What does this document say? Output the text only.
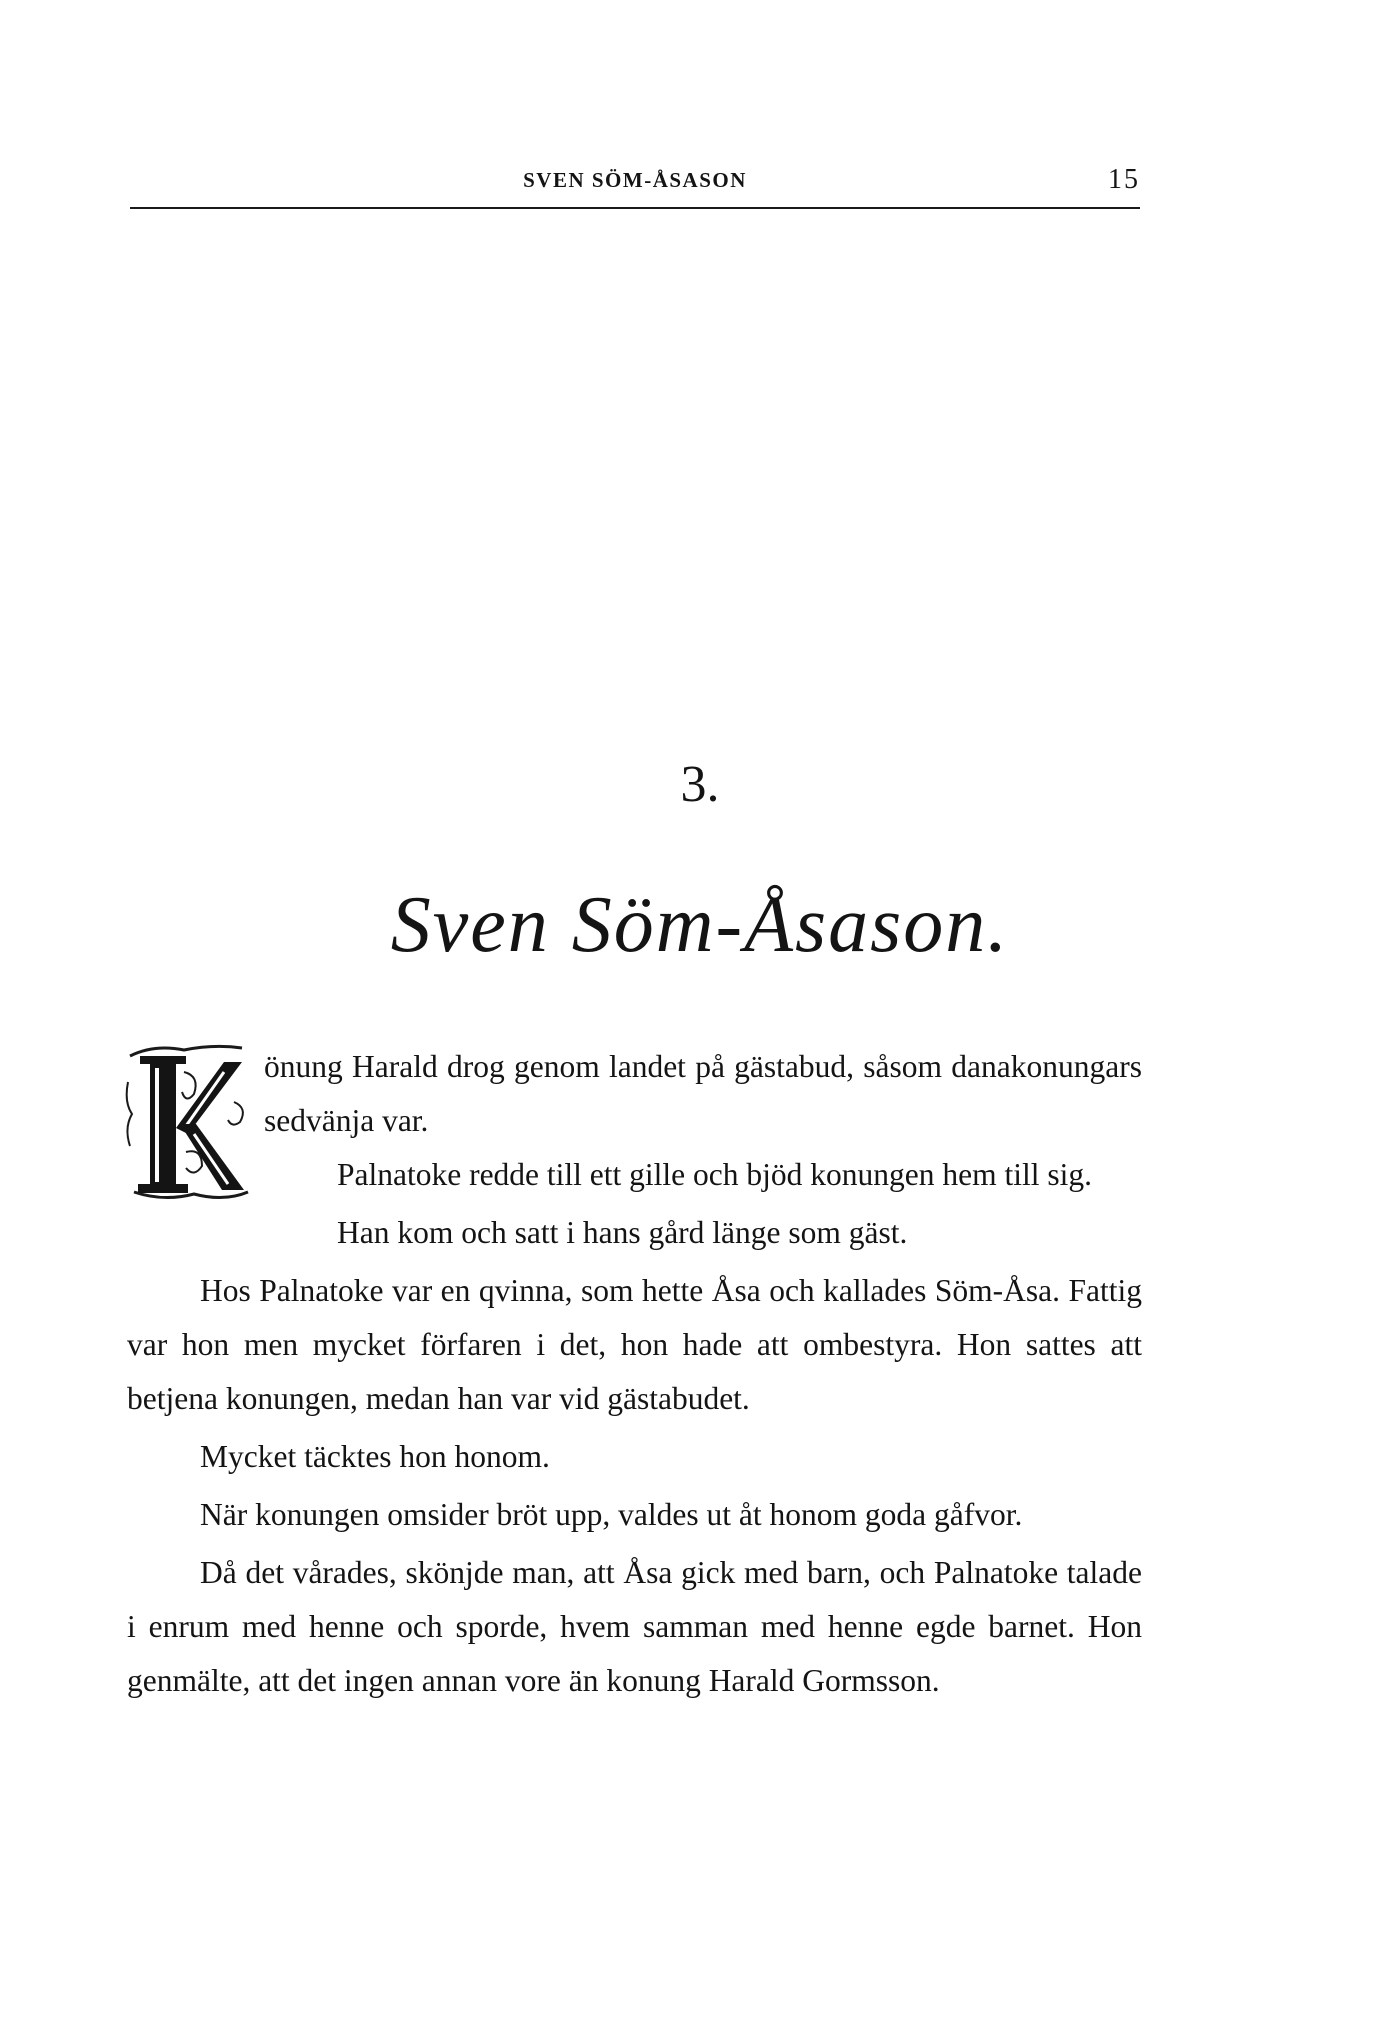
SVEN SÖM-ÅSASON	15
3.
Sven Söm-Åsason.

önung Harald drog genom landet på gästabud, såsom danakonungars sedvänja var.

Palnatoke redde till ett gille och bjöd konungen hem till sig.

Han kom och satt i hans gård länge som gäst.

Hos Palnatoke var en qvinna, som hette Åsa och kallades Söm-Åsa. Fattig var hon men mycket förfaren i det, hon hade att ombestyra. Hon sattes att betjena konungen, medan han var vid gästabudet.

Mycket täcktes hon honom.

När konungen omsider bröt upp, valdes ut åt honom goda gåfvor.

Då det vårades, skönjde man, att Åsa gick med barn, och Palnatoke talade i enrum med henne och sporde, hvem samman med henne egde barnet. Hon genmälte, att det ingen annan vore än konung Harald Gormsson.
